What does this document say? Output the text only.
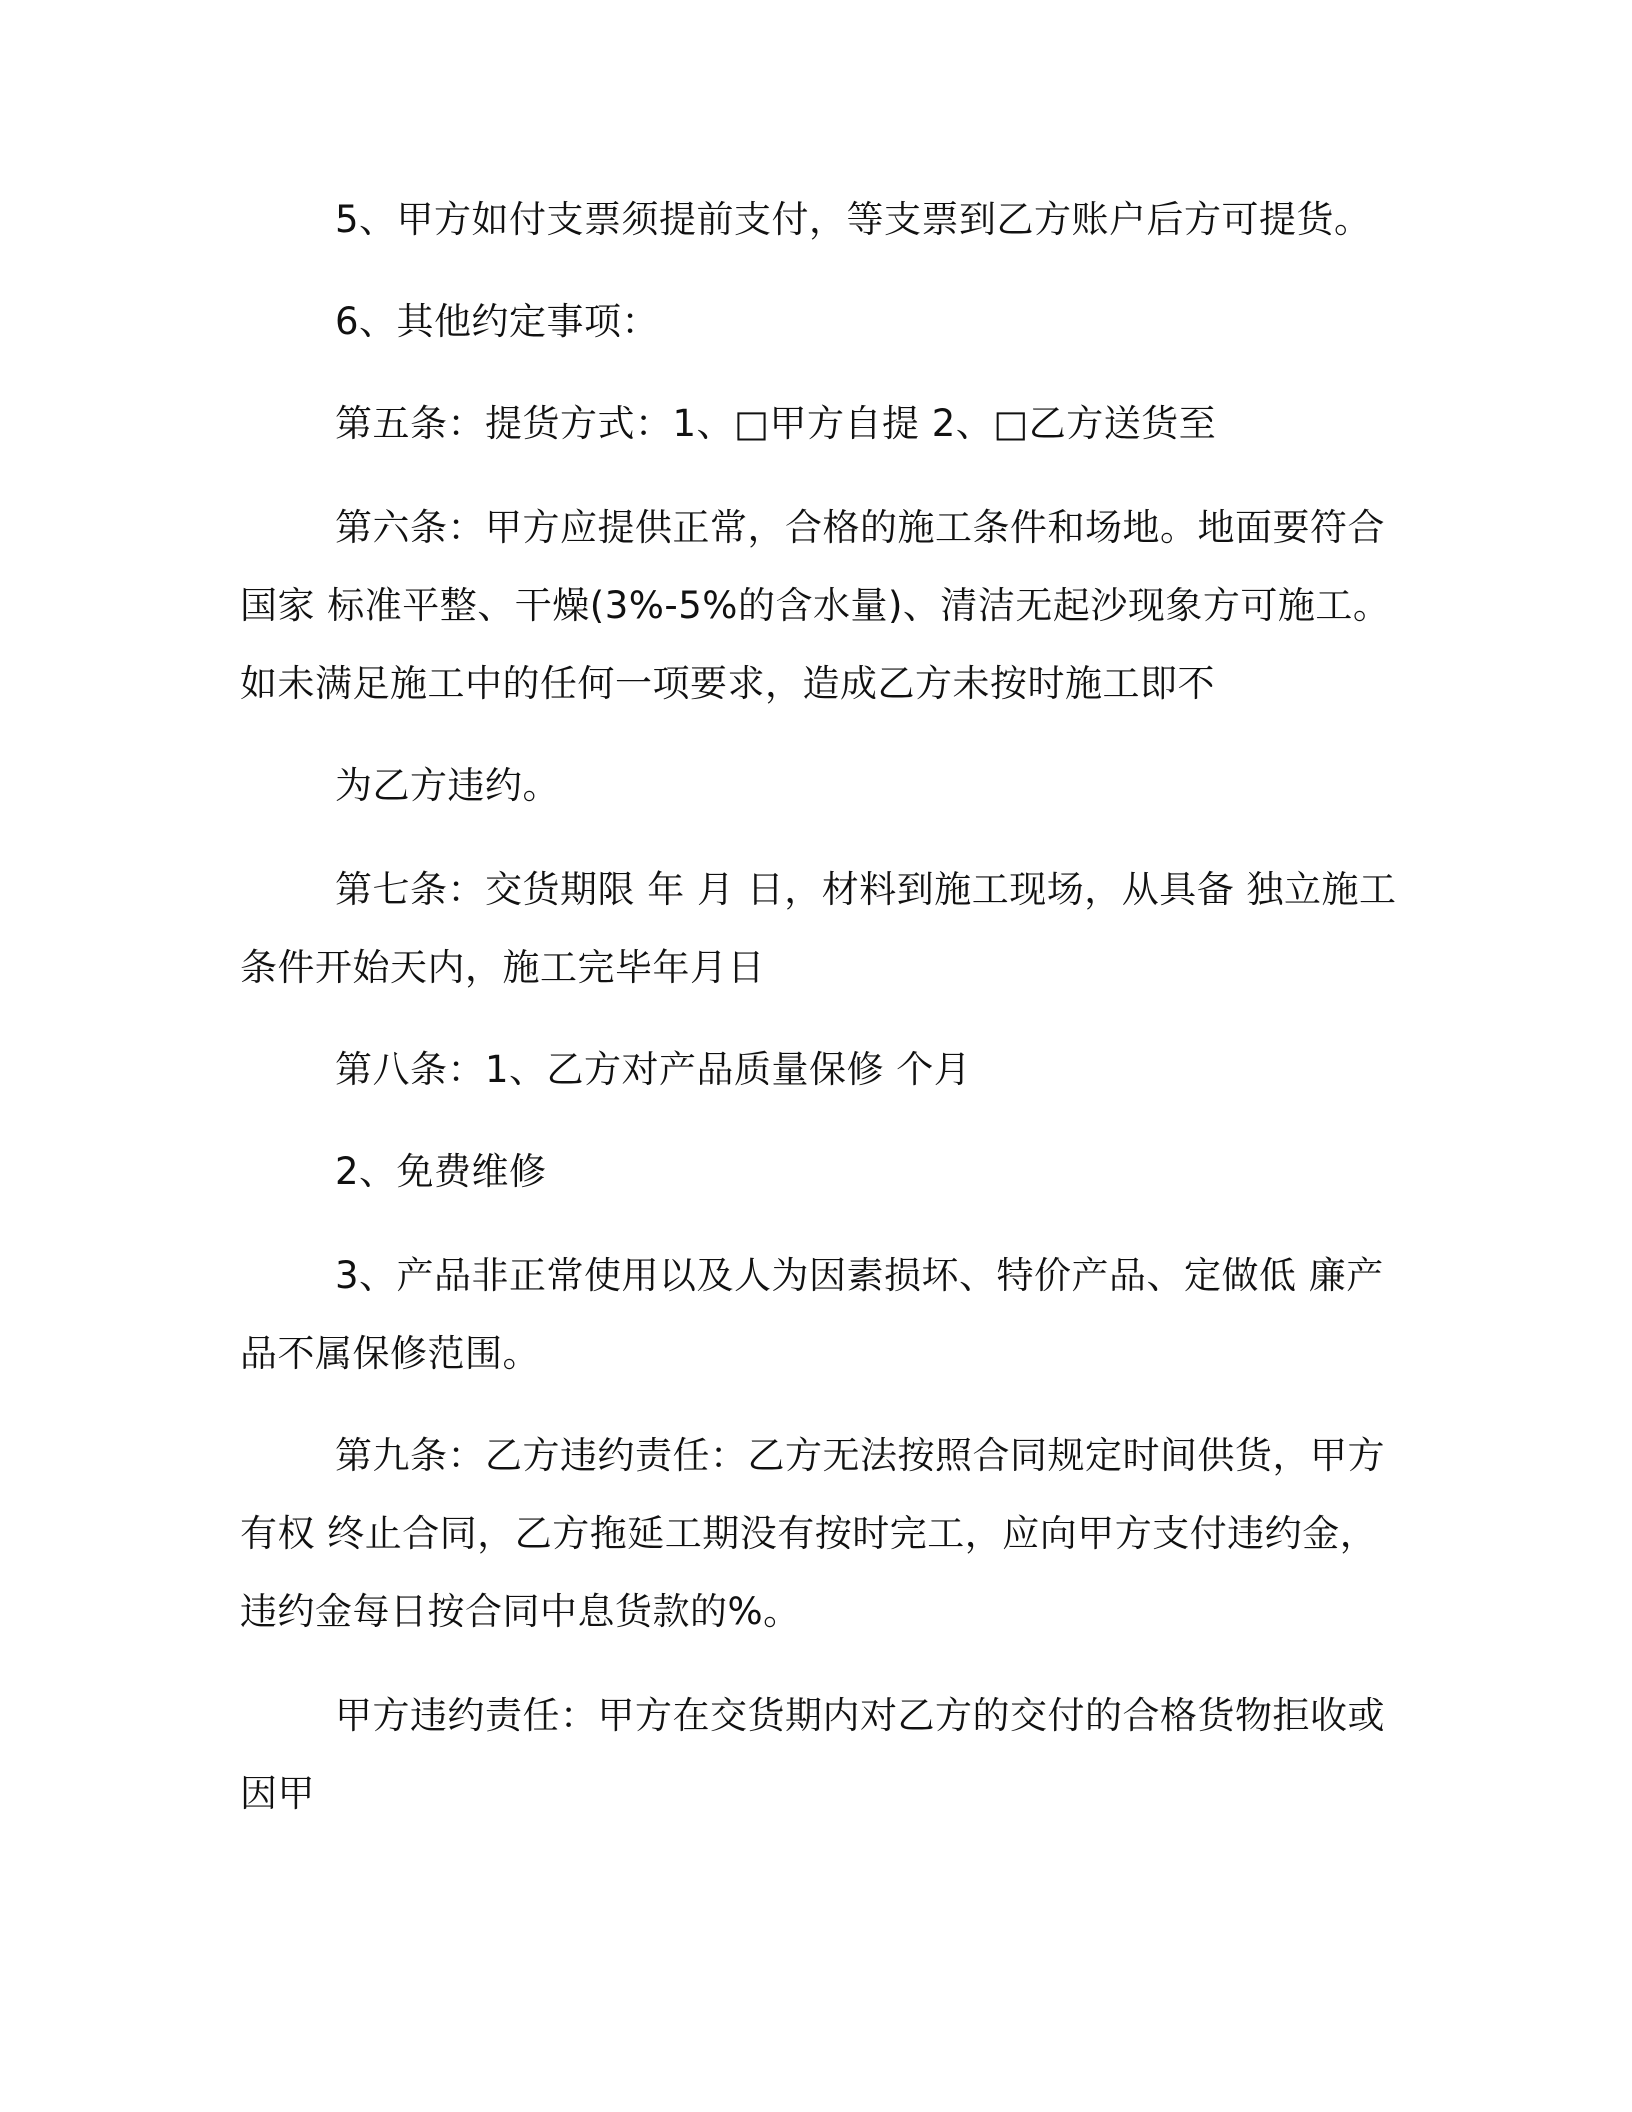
5、甲方如付支票须提前支付，等支票到乙方账户后方可提货。
6、其他约定事项：
第五条：提货方式：1、□甲方自提 2、□乙方送货至
第六条：甲方应提供正常，合格的施工条件和场地。地面要符合
国家 标准平整、干燥(3%-5%的含水量)、清洁无起沙现象方可施工。
如未满足施工中的任何一项要求，造成乙方未按时施工即不
为乙方违约。
第七条：交货期限 年 月 日，材料到施工现场，从具备 独立施工
条件开始天内，施工完毕年月日
第八条：1、乙方对产品质量保修 个月
2、免费维修
3、产品非正常使用以及人为因素损坏、特价产品、定做低 廉产
品不属保修范围。
第九条：乙方违约责任：乙方无法按照合同规定时间供货，甲方
有权 终止合同，乙方拖延工期没有按时完工，应向甲方支付违约金，
违约金每日按合同中息货款的%。
甲方违约责任：甲方在交货期内对乙方的交付的合格货物拒收或
因甲
